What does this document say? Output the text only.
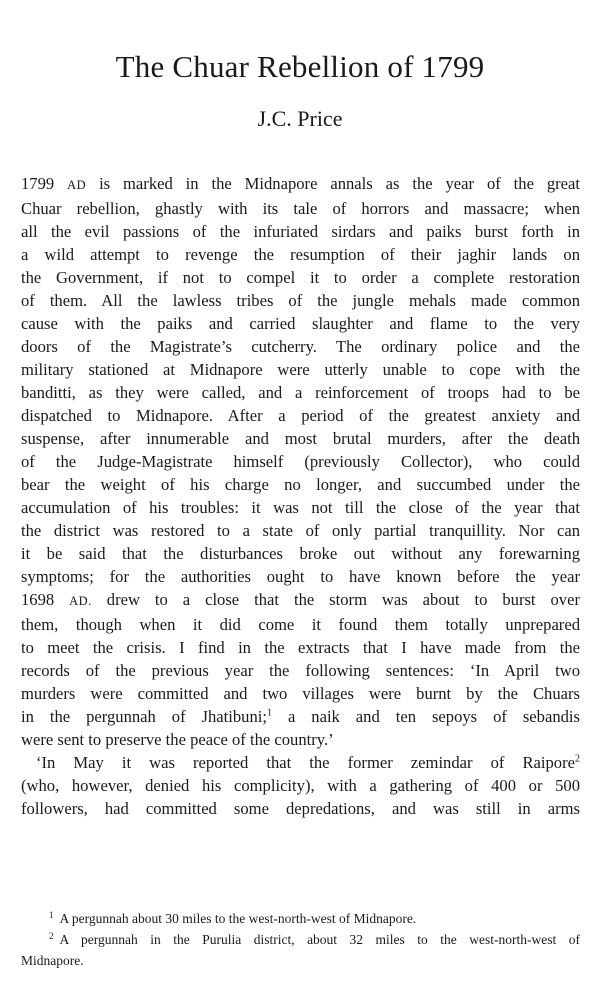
The Chuar Rebellion of 1799
J.C. Price

1799 AD is marked in the Midnapore annals as the year of the great

Chuar rebellion, ghastly with its tale of horrors and massacre; when

all the evil passions of the infuriated sirdars and paiks burst forth in

a wild attempt to revenge the resumption of their jaghir lands on

the Government, if not to compel it to order a complete restoration

of them. All the lawless tribes of the jungle mehals made common

cause with the paiks and carried slaughter and flame to the very

doors of the Magistrate’s cutcherry. The ordinary police and the

military stationed at Midnapore were utterly unable to cope with the

banditti, as they were called, and a reinforcement of troops had to be

dispatched to Midnapore. After a period of the greatest anxiety and

suspense, after innumerable and most brutal murders, after the death

of the Judge-Magistrate himself (previously Collector), who could

bear the weight of his charge no longer, and succumbed under the

accumulation of his troubles: it was not till the close of the year that

the district was restored to a state of only partial tranquillity. Nor can

it be said that the disturbances broke out without any forewarning

symptoms; for the authorities ought to have known before the year

1698 AD. drew to a close that the storm was about to burst over

them, though when it did come it found them totally unprepared

to meet the crisis. I find in the extracts that I have made from the

records of the previous year the following sentences: ‘In April two

murders were committed and two villages were burnt by the Chuars

in the pergunnah of Jhatibuni;$^1$ a naik and ten sepoys of sebandis

were sent to preserve the peace of the country.’

‘In May it was reported that the former zemindar of Raipore$^2$

(who, however, denied his complicity), with a gathering of 400 or 500

followers, had committed some depredations, and was still in arms

$^1$ A pergunnah about 30 miles to the west-north-west of Midnapore.

$^2$ A pergunnah in the Purulia district, about 32 miles to the west-north-west of

Midnapore.
